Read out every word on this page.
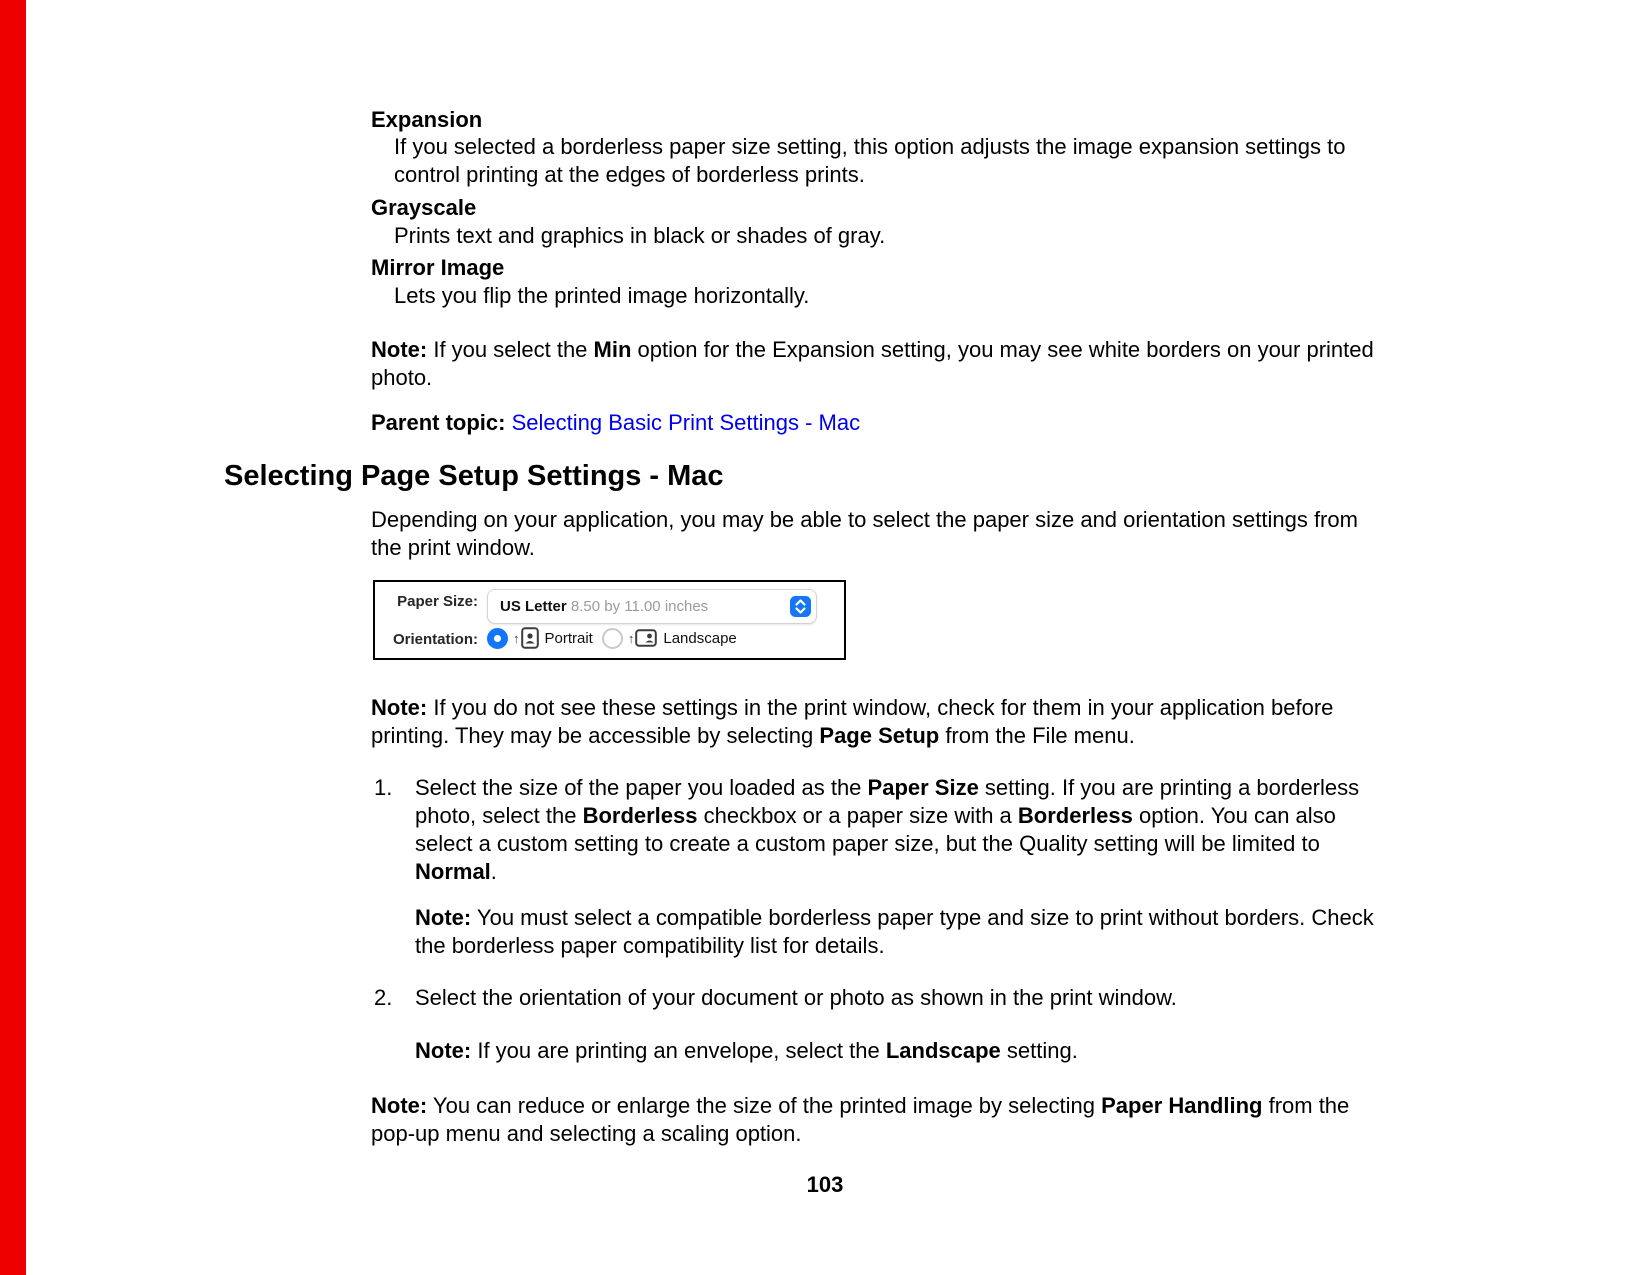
Expansion
If you selected a borderless paper size setting, this option adjusts the image expansion settings to
control printing at the edges of borderless prints.
Grayscale
Prints text and graphics in black or shades of gray.
Mirror Image
Lets you flip the printed image horizontally.
Note: If you select the Min option for the Expansion setting, you may see white borders on your printed
photo.
Parent topic: Selecting Basic Print Settings - Mac
Selecting Page Setup Settings - Mac
Depending on your application, you may be able to select the paper size and orientation settings from
the print window.
Paper Size: US Letter 8.50 by 11.00 inches
Orientation:	↑ Portrait	↑ Landscape
Note: If you do not see these settings in the print window, check for them in your application before
printing. They may be accessible by selecting Page Setup from the File menu.
1. Select the size of the paper you loaded as the Paper Size setting. If you are printing a borderless
photo, select the Borderless checkbox or a paper size with a Borderless option. You can also
select a custom setting to create a custom paper size, but the Quality setting will be limited to
Normal.
Note: You must select a compatible borderless paper type and size to print without borders. Check
the borderless paper compatibility list for details.
2. Select the orientation of your document or photo as shown in the print window.
Note: If you are printing an envelope, select the Landscape setting.
Note: You can reduce or enlarge the size of the printed image by selecting Paper Handling from the
pop-up menu and selecting a scaling option.
103
